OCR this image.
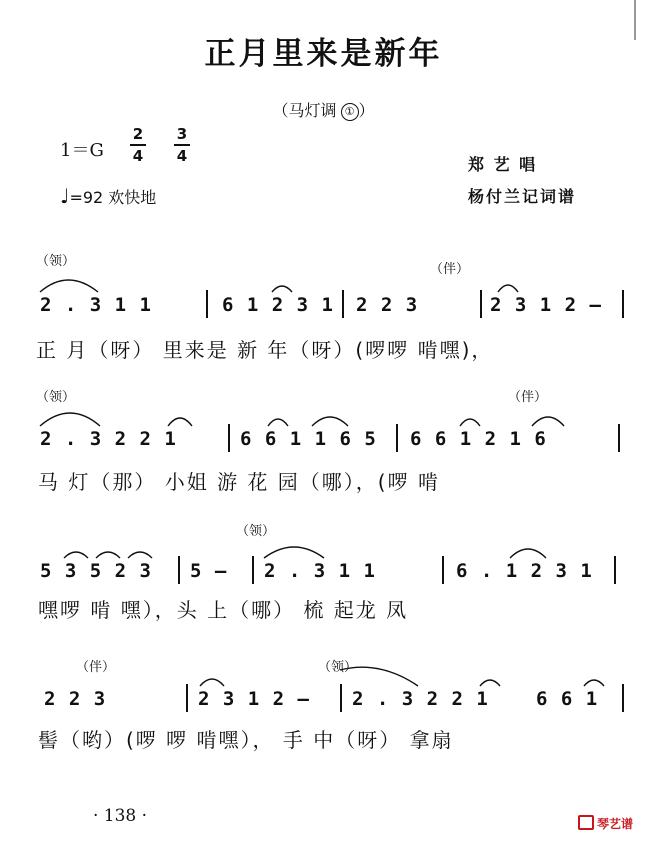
正月里来是新年
（马灯调 ① ）
1＝G
2
4
3
4
♩=92 欢快地
郑 艺 唱
杨付兰记词谱
（领）
（伴）
2 . 3 1 1	6 1 2 3 1 2 2 3	2 3 1 2 –
正 月（呀） 里来是 新 年（呀）(啰啰 啃嘿)，
（领）	（伴）
2 . 3 2 2 1	6 6 1 1 6 5 6 6 1 2 1 6
马 灯（那） 小姐 游 花 园（哪），(啰 啃
（领）
5 3 5 2 3 5 – 2 . 3 1 1	6 . 1 2 3 1
嘿啰 啃 嘿），头 上（哪） 梳 起龙 凤
（伴）	（领）
2 2 3	2 3 1 2 – 2 . 3 2 2 1 6 6 1
髻（哟）(啰 啰 啃嘿）， 手 中（呀） 拿扇
· 138 ·	琴艺谱
